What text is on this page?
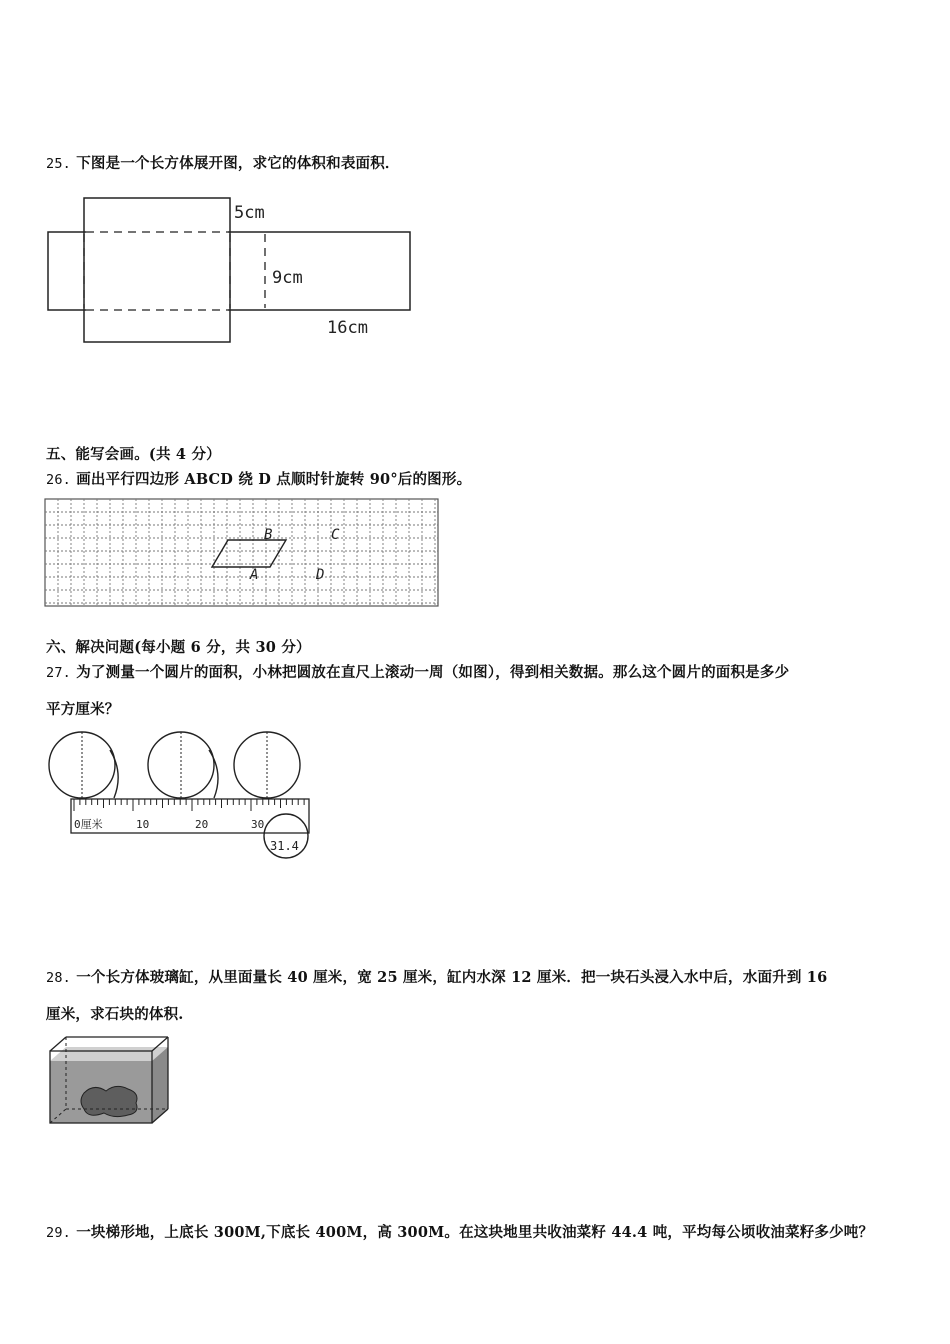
25. 下图是一个长方体展开图，求它的体积和表面积．
5cm
9cm
16cm
五、能写会画。(共 4 分）
26. 画出平行四边形 ABCD 绕 D 点顺时针旋转 90°后的图形。
A
B	C
D
六、解决问题(每小题 6 分，共 30 分）
27. 为了测量一个圆片的面积，小林把圆放在直尺上滚动一周（如图），得到相关数据。那么这个圆片的面积是多少
平方厘米？
0厘米	10	20	30
31.4
28. 一个长方体玻璃缸，从里面量长 40 厘米，宽 25 厘米，缸内水深 12 厘米．把一块石头浸入水中后，水面升到 16
厘米，求石块的体积.
29. 一块梯形地，上底长 300M,下底长 400M，高 300M。在这块地里共收油菜籽 44.4 吨，平均每公顷收油菜籽多少吨？
